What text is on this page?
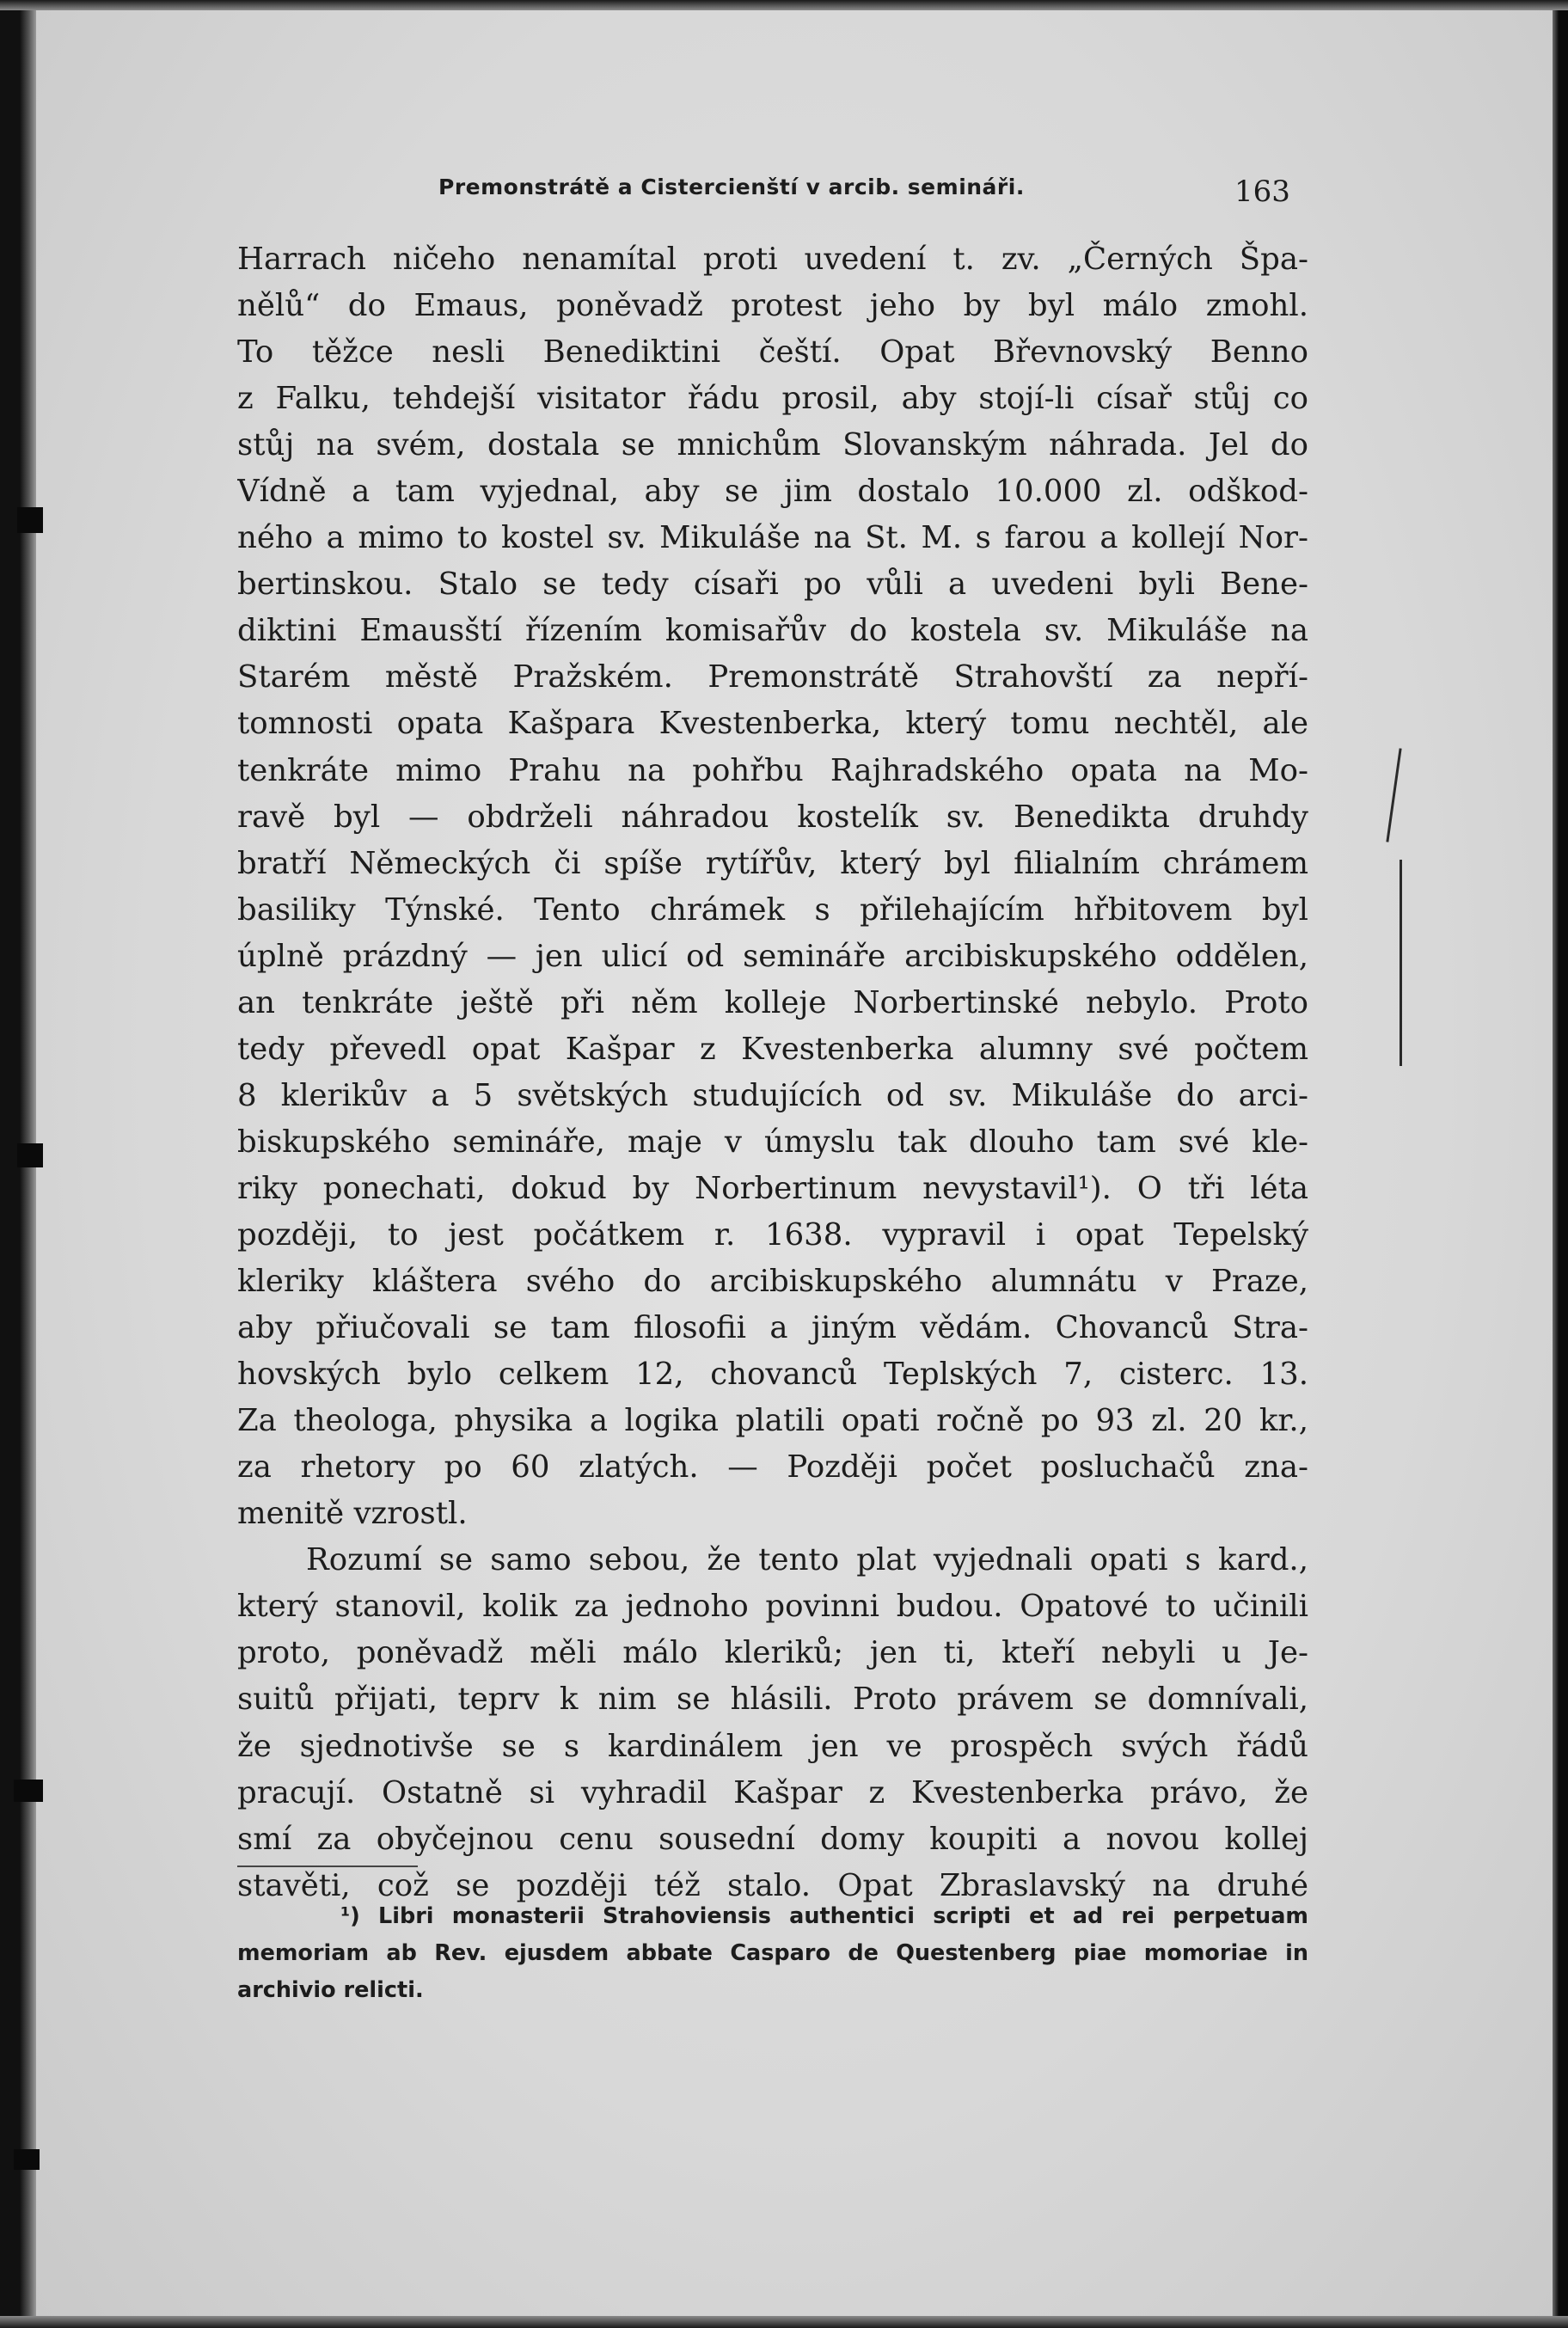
Premonstrátě a Cistercienští v arcib. semináři.	163
Harrach ničeho nenamítal proti uvedení t. zv. „Černých Špa-
nělů“ do Emaus, poněvadž protest jeho by byl málo zmohl.
To těžce nesli Benediktini čeští. Opat Břevnovský Benno
z Falku, tehdejší visitator řádu prosil, aby stojí-li císař stůj co
stůj na svém, dostala se mnichům Slovanským náhrada. Jel do
Vídně a tam vyjednal, aby se jim dostalo 10.000 zl. odškod-
ného a mimo to kostel sv. Mikuláše na St. M. s farou a kollejí Nor-
bertinskou. Stalo se tedy císaři po vůli a uvedeni byli Bene-
diktini Emausští řízením komisařův do kostela sv. Mikuláše na
Starém městě Pražském. Premonstrátě Strahovští za nepří-
tomnosti opata Kašpara Kvestenberka, který tomu nechtěl, ale
tenkráte mimo Prahu na pohřbu Rajhradského opata na Mo-
ravě byl — obdrželi náhradou kostelík sv. Benedikta druhdy
bratří Německých či spíše rytířův, který byl filialním chrámem
basiliky Týnské. Tento chrámek s přilehajícím hřbitovem byl
úplně prázdný — jen ulicí od semináře arcibiskupského oddělen,
an tenkráte ještě při něm kolleje Norbertinské nebylo. Proto
tedy převedl opat Kašpar z Kvestenberka alumny své počtem
8 klerikův a 5 světských studujících od sv. Mikuláše do arci-
biskupského semináře, maje v úmyslu tak dlouho tam své kle-
riky ponechati, dokud by Norbertinum nevystavil¹). O tři léta
později, to jest počátkem r. 1638. vypravil i opat Tepelský
kleriky kláštera svého do arcibiskupského alumnátu v Praze,
aby přiučovali se tam filosofii a jiným vědám. Chovanců Stra-
hovských bylo celkem 12, chovanců Teplských 7, cisterc. 13.
Za theologa, physika a logika platili opati ročně po 93 zl. 20 kr.,
za rhetory po 60 zlatých. — Později počet posluchačů zna-
menitě vzrostl.
Rozumí se samo sebou, že tento plat vyjednali opati s kard.,
který stanovil, kolik za jednoho povinni budou. Opatové to učinili
proto, poněvadž měli málo kleriků; jen ti, kteří nebyli u Je-
suitů přijati, teprv k nim se hlásili. Proto právem se domnívali,
že sjednotivše se s kardinálem jen ve prospěch svých řádů
pracují. Ostatně si vyhradil Kašpar z Kvestenberka právo, že
smí za obyčejnou cenu sousední domy koupiti a novou kollej
stavěti, což se později též stalo. Opat Zbraslavský na druhé
¹) Libri monasterii Strahoviensis authentici scripti et ad rei perpetuam
memoriam ab Rev. ejusdem abbate Casparo de Questenberg piae momoriae in
archivio relicti.
